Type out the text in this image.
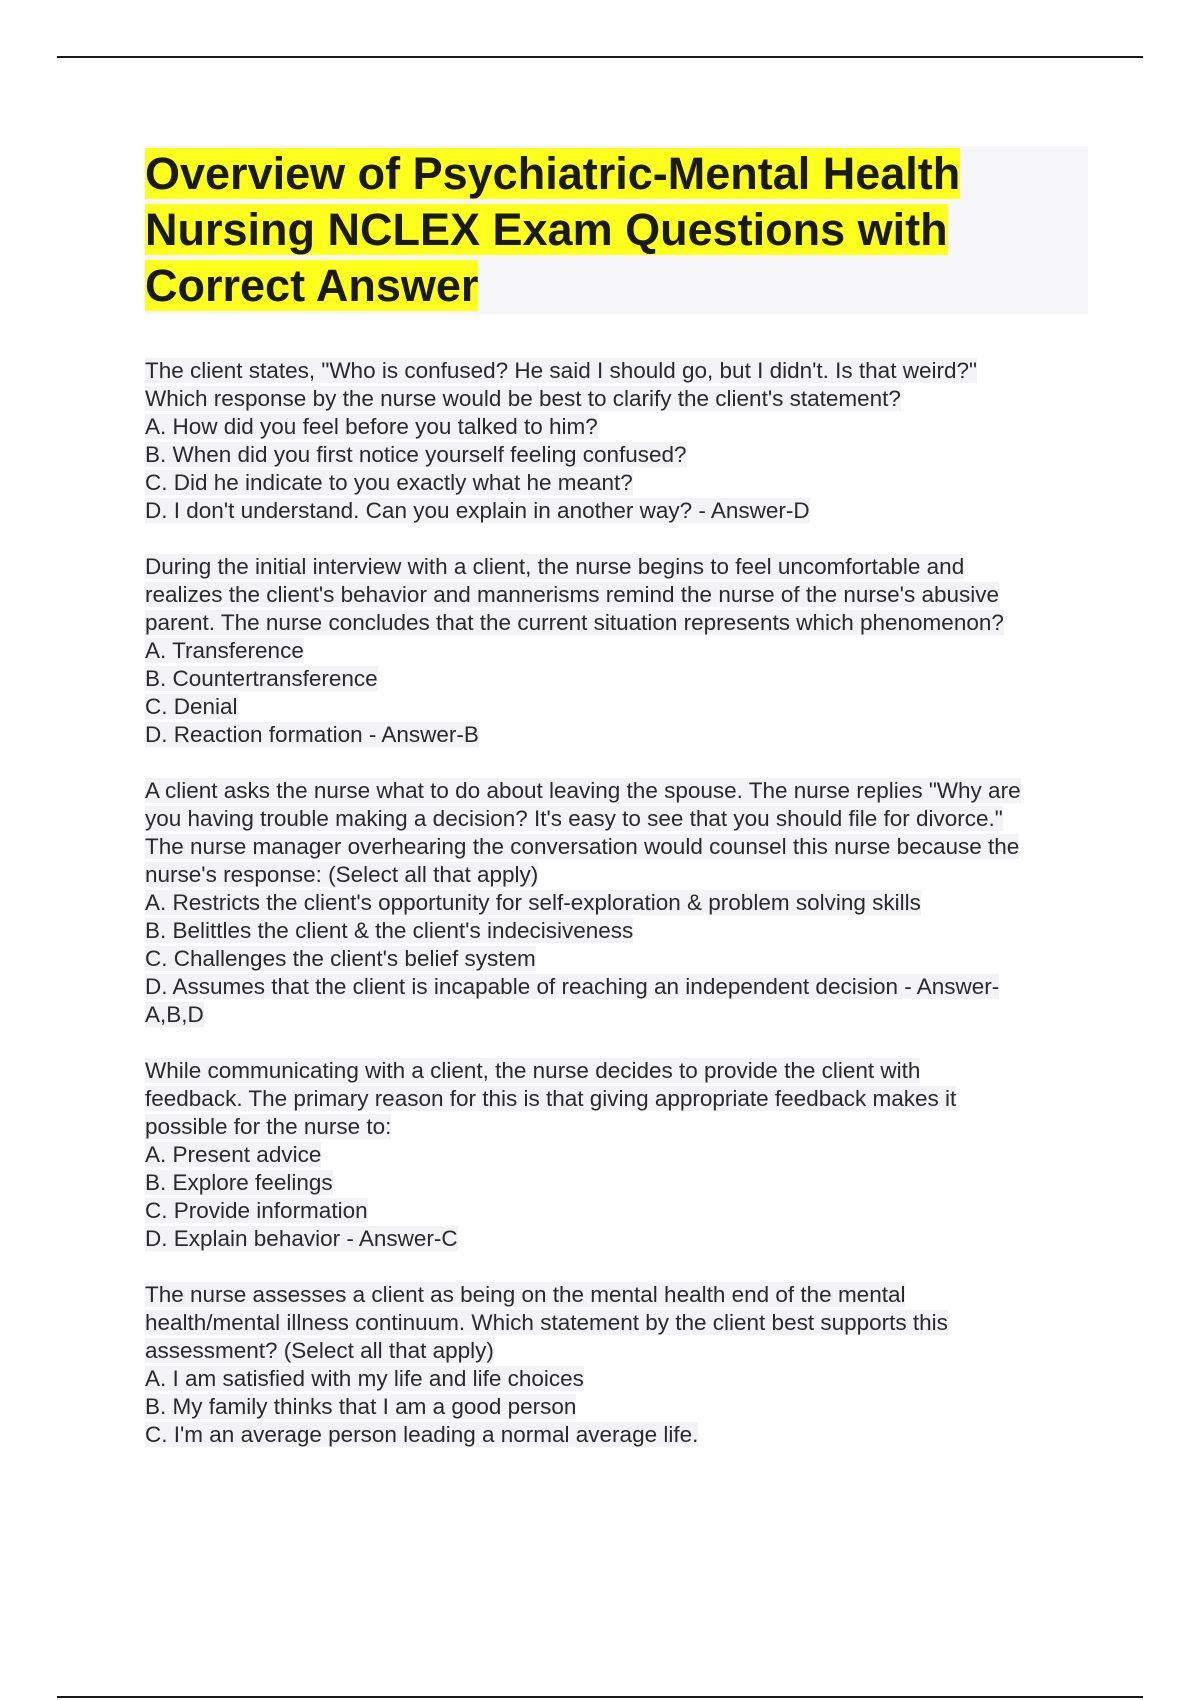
Overview of Psychiatric-Mental Health
Nursing NCLEX Exam Questions with
Correct Answer
The client states, "Who is confused? He said I should go, but I didn't. Is that weird?"
Which response by the nurse would be best to clarify the client's statement?
A. How did you feel before you talked to him?
B. When did you first notice yourself feeling confused?
C. Did he indicate to you exactly what he meant?
D. I don't understand. Can you explain in another way? - Answer-D
During the initial interview with a client, the nurse begins to feel uncomfortable and
realizes the client's behavior and mannerisms remind the nurse of the nurse's abusive
parent. The nurse concludes that the current situation represents which phenomenon?
A. Transference
B. Countertransference
C. Denial
D. Reaction formation - Answer-B
A client asks the nurse what to do about leaving the spouse. The nurse replies "Why are
you having trouble making a decision? It's easy to see that you should file for divorce."
The nurse manager overhearing the conversation would counsel this nurse because the
nurse's response: (Select all that apply)
A. Restricts the client's opportunity for self-exploration & problem solving skills
B. Belittles the client & the client's indecisiveness
C. Challenges the client's belief system
D. Assumes that the client is incapable of reaching an independent decision - Answer-
A,B,D
While communicating with a client, the nurse decides to provide the client with
feedback. The primary reason for this is that giving appropriate feedback makes it
possible for the nurse to:
A. Present advice
B. Explore feelings
C. Provide information
D. Explain behavior - Answer-C
The nurse assesses a client as being on the mental health end of the mental
health/mental illness continuum. Which statement by the client best supports this
assessment? (Select all that apply)
A. I am satisfied with my life and life choices
B. My family thinks that I am a good person
C. I'm an average person leading a normal average life.
